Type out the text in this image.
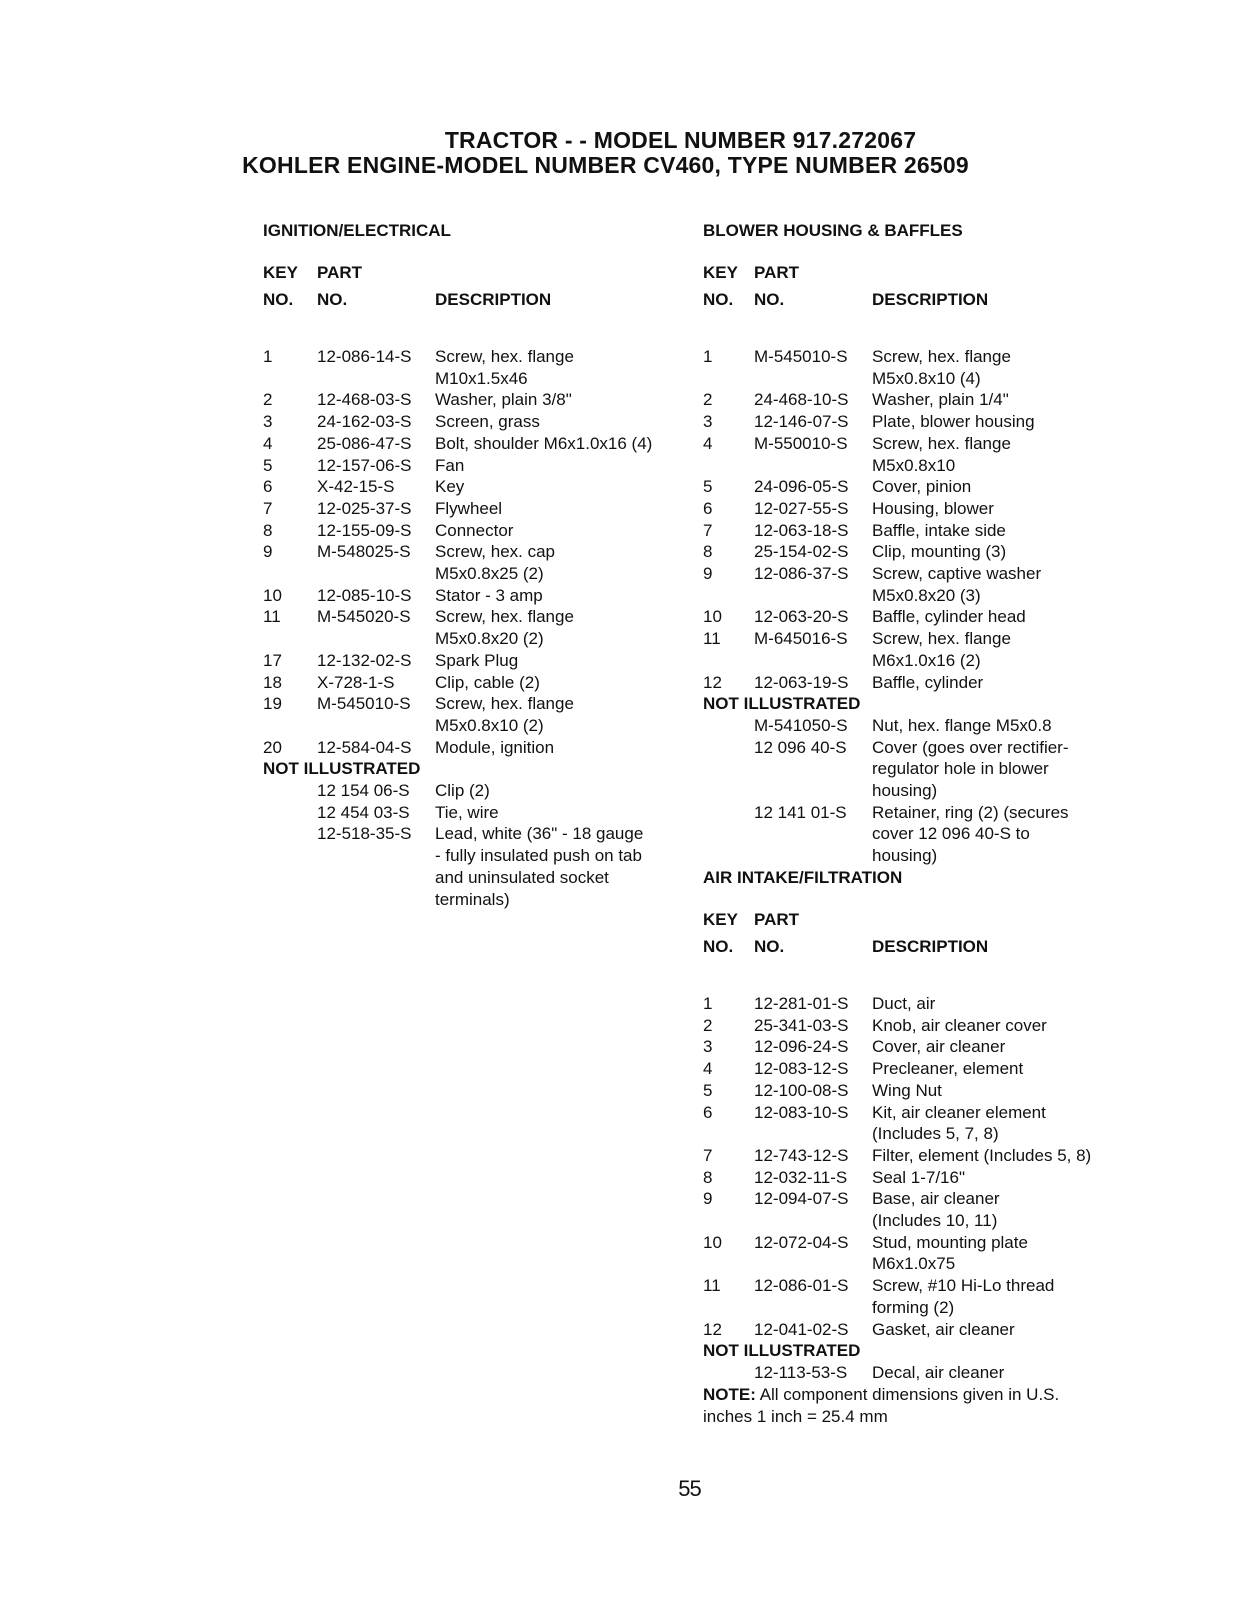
TRACTOR - - MODEL NUMBER 917.272067
KOHLER ENGINE-MODEL NUMBER CV460, TYPE NUMBER 26509
IGNITION/ELECTRICAL
KEY PART
NO. NO.	DESCRIPTION
1	12-086-14-S Screw, hex. flange
M10x1.5x46
2	12-468-03-S Washer, plain 3/8"
3	24-162-03-S Screen, grass
4	25-086-47-S Bolt, shoulder M6x1.0x16 (4)
5	12-157-06-S Fan
6	X-42-15-S Key
7	12-025-37-S Flywheel
8	12-155-09-S Connector
9	M-548025-S Screw, hex. cap
M5x0.8x25 (2)
10	12-085-10-S Stator - 3 amp
11	M-545020-S Screw, hex. flange
M5x0.8x20 (2)
17	12-132-02-S Spark Plug
18	X-728-1-S Clip, cable (2)
19	M-545010-S Screw, hex. flange
M5x0.8x10 (2)
20	12-584-04-S Module, ignition
NOT ILLUSTRATED
12 154 06-S Clip (2)
12 454 03-S Tie, wire
12-518-35-S Lead, white (36" - 18 gauge
- fully insulated push on tab
and uninsulated socket
terminals)
BLOWER HOUSING & BAFFLES
KEY PART
NO. NO.	DESCRIPTION
1	M-545010-S Screw, hex. flange
M5x0.8x10 (4)
2	24-468-10-S Washer, plain 1/4"
3	12-146-07-S Plate, blower housing
4	M-550010-S Screw, hex. flange
M5x0.8x10
5	24-096-05-S Cover, pinion
6	12-027-55-S Housing, blower
7	12-063-18-S Baffle, intake side
8	25-154-02-S Clip, mounting (3)
9	12-086-37-S Screw, captive washer
M5x0.8x20 (3)
10	12-063-20-S Baffle, cylinder head
11	M-645016-S Screw, hex. flange
M6x1.0x16 (2)
12	12-063-19-S Baffle, cylinder
NOT ILLUSTRATED
M-541050-S Nut, hex. flange M5x0.8
12 096 40-S Cover (goes over rectifier-
regulator hole in blower
housing)
12 141 01-S Retainer, ring (2) (secures
cover 12 096 40-S to
housing)
AIR INTAKE/FILTRATION
KEY PART
NO. NO.	DESCRIPTION
1	12-281-01-S Duct, air
2	25-341-03-S Knob, air cleaner cover
3	12-096-24-S Cover, air cleaner
4	12-083-12-S Precleaner, element
5	12-100-08-S Wing Nut
6	12-083-10-S Kit, air cleaner element
(Includes 5, 7, 8)
7	12-743-12-S Filter, element (Includes 5, 8)
8	12-032-11-S Seal 1-7/16"
9	12-094-07-S Base, air cleaner
(Includes 10, 11)
10	12-072-04-S Stud, mounting plate
M6x1.0x75
11	12-086-01-S Screw, #10 Hi-Lo thread
forming (2)
12	12-041-02-S Gasket, air cleaner
NOT ILLUSTRATED
12-113-53-S Decal, air cleaner
NOTE: All component dimensions given in U.S.
inches 1 inch = 25.4 mm
55
